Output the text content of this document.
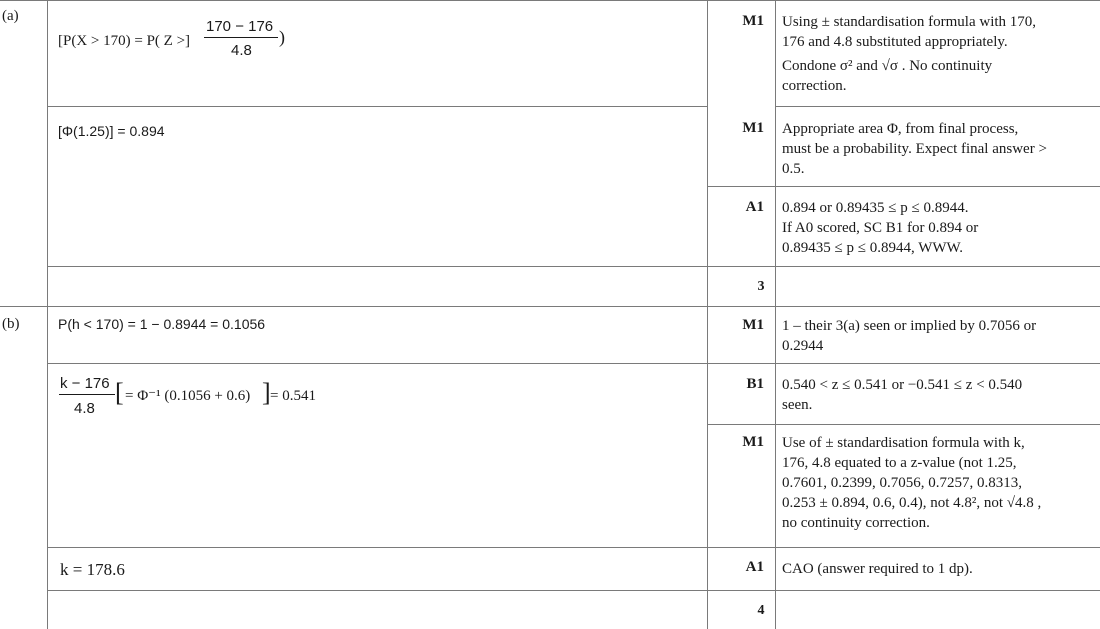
(a)
(b)
[P(X > 170) = P( Z >]
170 − 176
4.8
)
[Φ(1.25)] = 0.894
P(h < 170) = 1 − 0.8944 = 0.1056
k − 176
4.8
[ = Φ⁻¹ (0.1056 + 0.6) ] = 0.541
k = 178.6
M1
M1
A1
3
M1
B1
M1
A1
4
Using ± standardisation formula with 170,
176 and 4.8 substituted appropriately.
Condone σ² and √σ . No continuity
correction.
Appropriate area Φ, from final process,
must be a probability. Expect final answer >
0.5.
0.894 or 0.89435 ≤ p ≤ 0.8944.
If A0 scored, SC B1 for 0.894 or
0.89435 ≤ p ≤ 0.8944, WWW.
1 – their 3(a) seen or implied by 0.7056 or
0.2944
0.540 < z ≤ 0.541 or −0.541 ≤ z < 0.540
seen.
Use of ± standardisation formula with k,
176, 4.8 equated to a z-value (not 1.25,
0.7601, 0.2399, 0.7056, 0.7257, 0.8313,
0.253 ± 0.894, 0.6, 0.4), not 4.8², not √4.8 ,
no continuity correction.
CAO (answer required to 1 dp).
